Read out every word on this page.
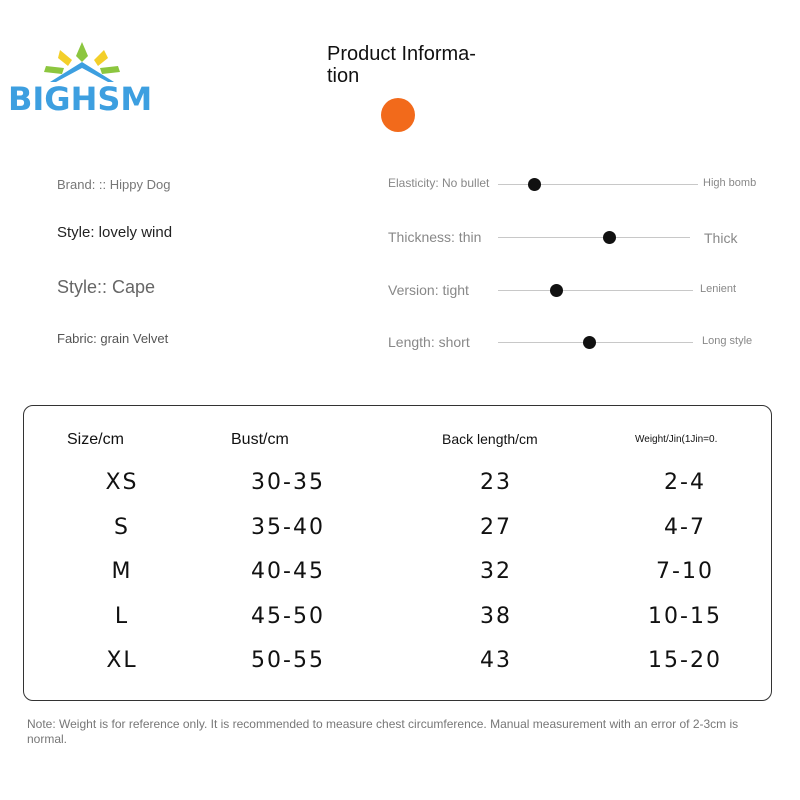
BIGHSM
Product Informa-
tion
Brand: :: Hippy Dog
Style: lovely wind
Style:: Cape
Fabric: grain Velvet
Elasticity: No bullet	High bomb
Thickness: thin	Thick
Version: tight	Lenient
Length: short	Long style
Size/cm	Bust/cm	Back length/cm	Weight/Jin(1Jin=0.
XS	30-35	23	2-4
S	35-40	27	4-7
M	40-45	32	7-10
L	45-50	38	10-15
XL	50-55	43	15-20
Note: Weight is for reference only. It is recommended to measure chest circumference. Manual measurement with an error of 2-3cm is normal.
